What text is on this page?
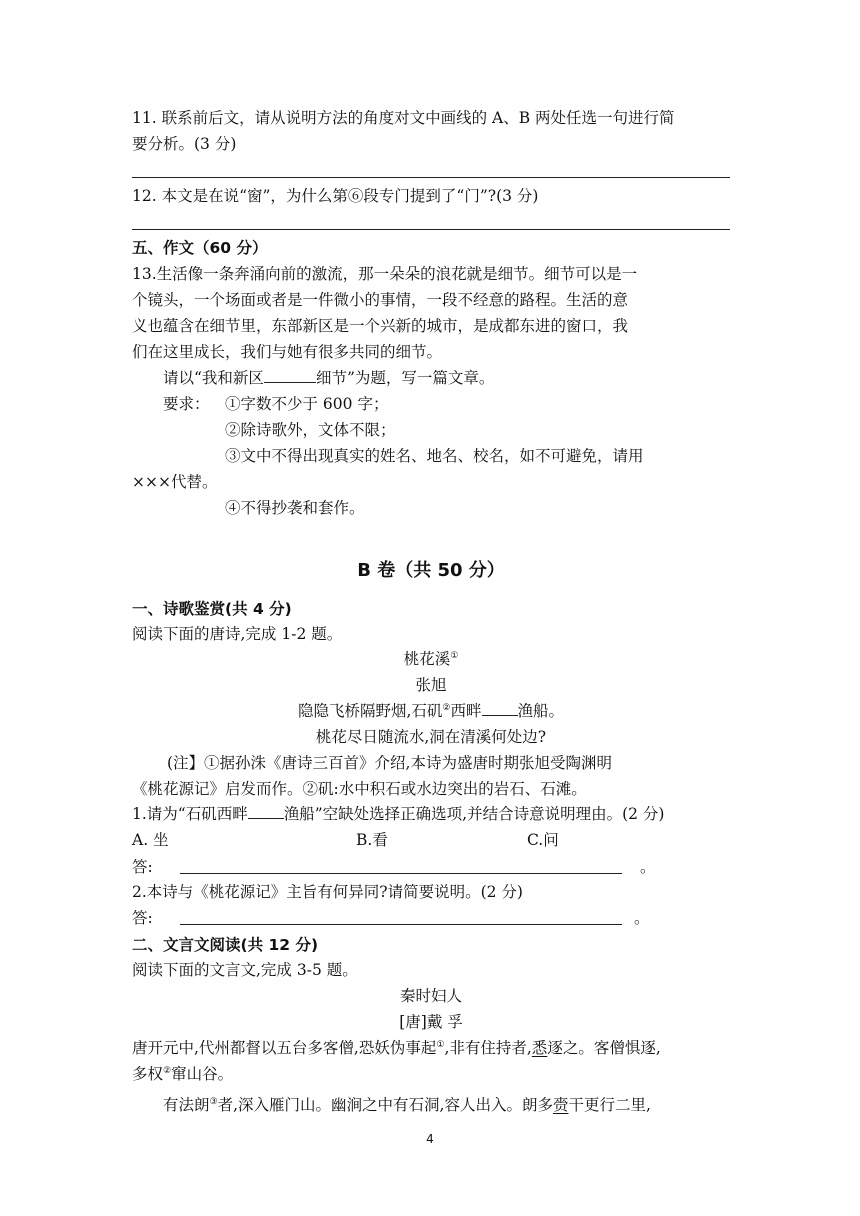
11. 联系前后文，请从说明方法的角度对文中画线的 A、B 两处任选一句进行简
要分析。(3 分)
12. 本文是在说“窗”，为什么第⑥段专门提到了“门”?(3 分)
五、作文（60 分）
13.生活像一条奔涌向前的激流，那一朵朵的浪花就是细节。细节可以是一
个镜头，一个场面或者是一件微小的事情，一段不经意的路程。生活的意
义也蕴含在细节里，东部新区是一个兴新的城市，是成都东进的窗口，我
们在这里成长，我们与她有很多共同的细节。
请以“我和新区	细节”为题，写一篇文章。
要求： ①字数不少于 600 字；
②除诗歌外，文体不限；
③文中不得出现真实的姓名、地名、校名，如不可避免，请用
×××代替。
④不得抄袭和套作。
B 卷（共 50 分）
一、诗歌鉴赏(共 4 分)
阅读下面的唐诗,完成 1-2 题。
桃花溪①
张旭
隐隐飞桥隔野烟,石矶②西畔 渔船。
桃花尽日随流水,洞在清溪何处边?
(注】①据孙洙《唐诗三百首》介绍,本诗为盛唐时期张旭受陶渊明
《桃花源记》启发而作。②矶:水中积石或水边突出的岩石、石滩。
1.请为“石矶西畔 渔船”空缺处选择正确选项,并结合诗意说明理由。(2 分)
A. 坐	B.看	C.问
答:	。
2.本诗与《桃花源记》主旨有何异同?请简要说明。(2 分)
答:	。
二、文言文阅读(共 12 分)
阅读下面的文言文,完成 3-5 题。
秦时妇人
[唐]戴 孚
唐开元中,代州都督以五台多客僧,恐妖伪事起①,非有住持者,悉逐之。客僧惧逐,
多权②窜山谷。
有法朗③者,深入雁门山。幽涧之中有石洞,容人出入。朗多赍干更行二里,
4
